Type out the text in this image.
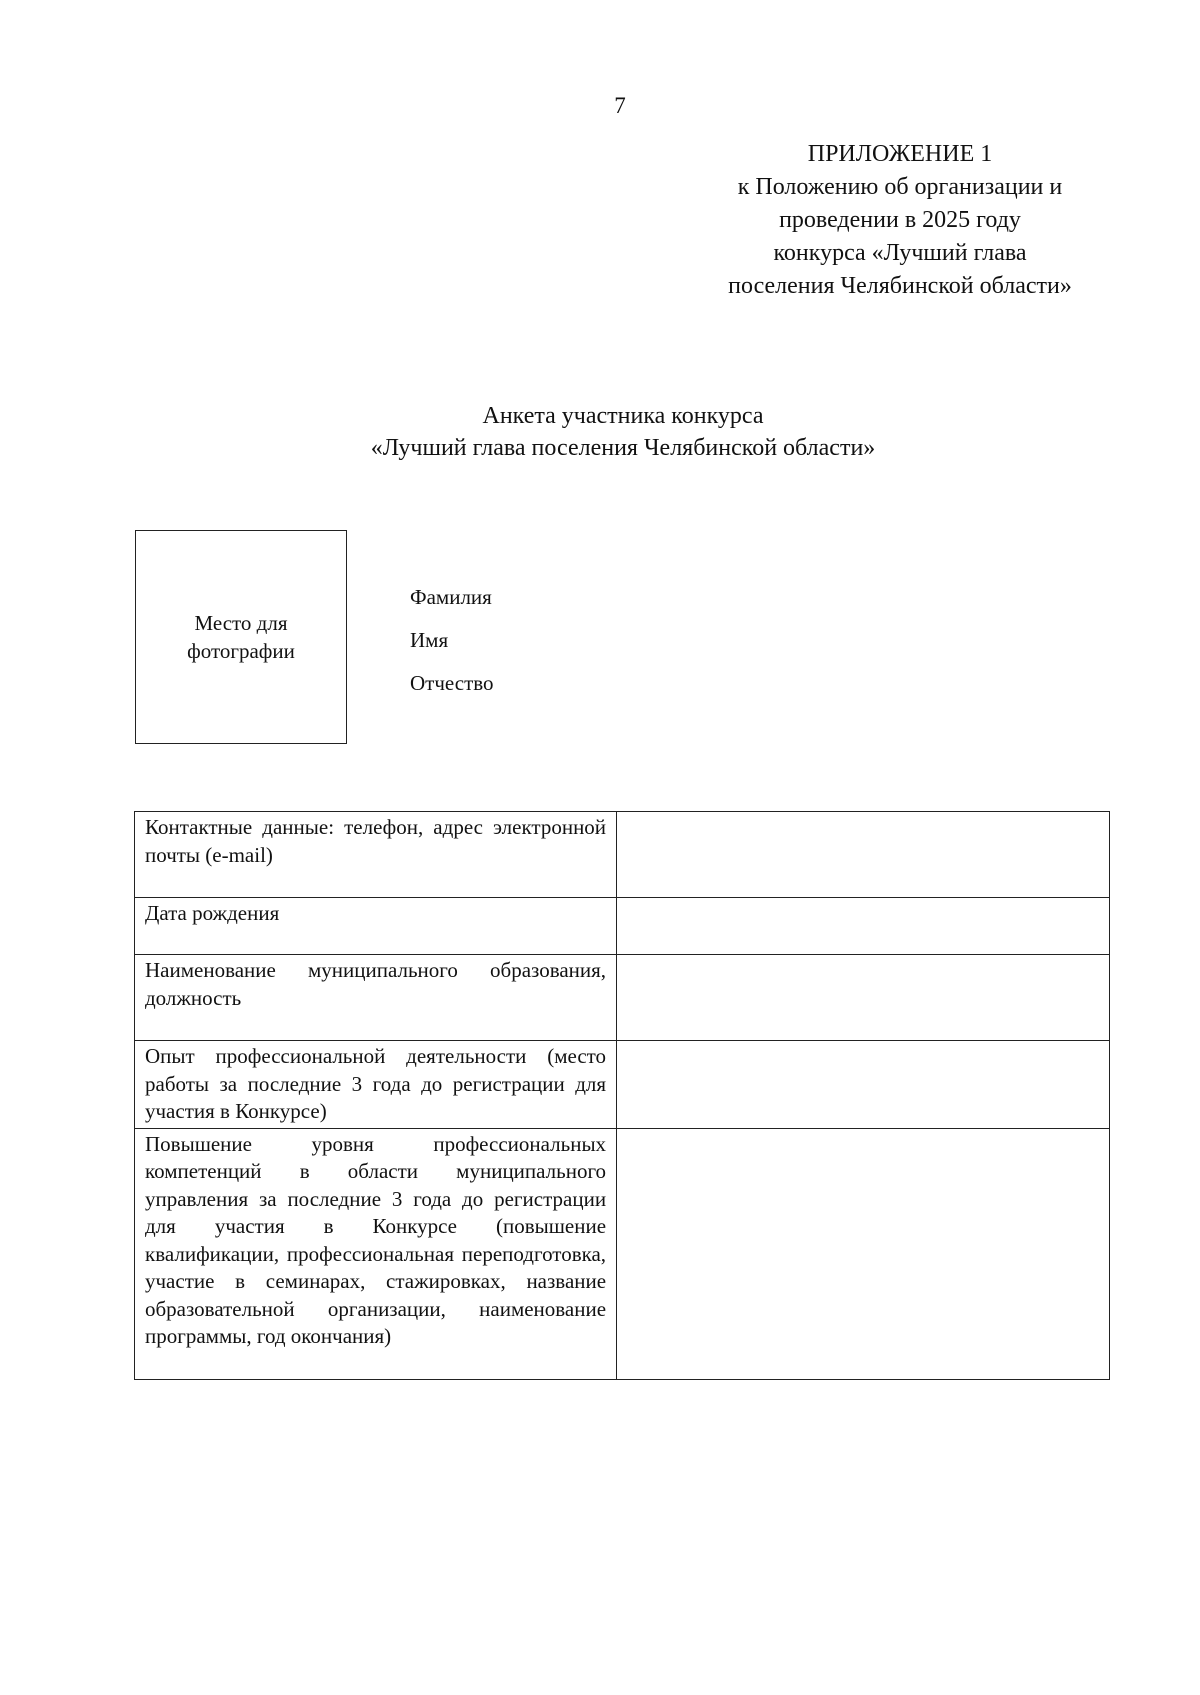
7
ПРИЛОЖЕНИЕ 1
к Положению об организации и
проведении в 2025 году
конкурса «Лучший глава
поселения Челябинской области»
Анкета участника конкурса
«Лучший глава поселения Челябинской области»
Место для
фотографии
Фамилия
Имя
Отчество
Контактные данные: телефон, адрес электронной почты (e-mail)	
Дата рождения	
Наименование муниципального образования, должность	
Опыт профессиональной деятельности (место работы за последние 3 года до регистрации для участия в Конкурсе)	
Повышение уровня профессиональных компетенций в области муниципального управления за последние 3 года до регистрации для участия в Конкурсе (повышение квалификации, профессиональная переподготовка, участие в семинарах, стажировках, название образовательной организации, наименование программы, год окончания)	
